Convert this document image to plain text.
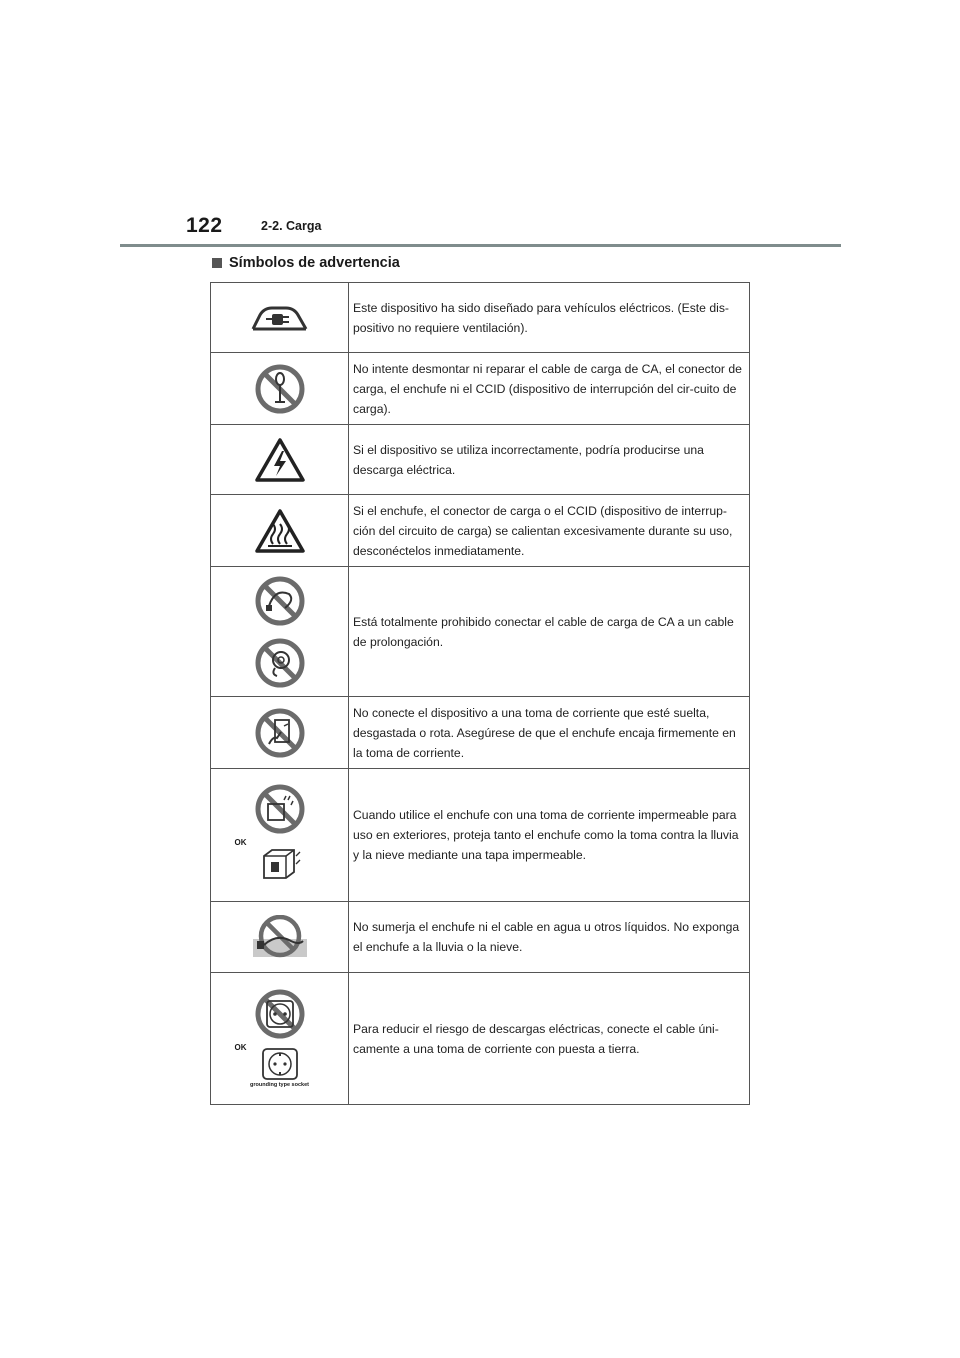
122	2-2. Carga
Símbolos de advertencia
	Este dispositivo ha sido diseñado para vehículos eléctricos. (Este dis-positivo no requiere ventilación).

	No intente desmontar ni reparar el cable de carga de CA, el conector de carga, el enchufe ni el CCID (dispositivo de interrupción del cir-cuito de carga).

	Si el dispositivo se utiliza incorrectamente, podría producirse una descarga eléctrica.

	Si el enchufe, el conector de carga o el CCID (dispositivo de interrup-ción del circuito de carga) se calientan excesivamente durante su uso, desconéctelos inmediatamente.

	Está totalmente prohibido conectar el cable de carga de CA a un cable de prolongación.

	No conecte el dispositivo a una toma de corriente que esté suelta, desgastada o rota. Asegúrese de que el enchufe encaja firmemente en la toma de corriente.

OK	Cuando utilice el enchufe con una toma de corriente impermeable para uso en exteriores, proteja tanto el enchufe como la toma contra la lluvia y la nieve mediante una tapa impermeable.

	No sumerja el enchufe ni el cable en agua u otros líquidos. No exponga el enchufe a la lluvia o la nieve.

OK
grounding type socket	Para reducir el riesgo de descargas eléctricas, conecte el cable úni-camente a una toma de corriente con puesta a tierra.
